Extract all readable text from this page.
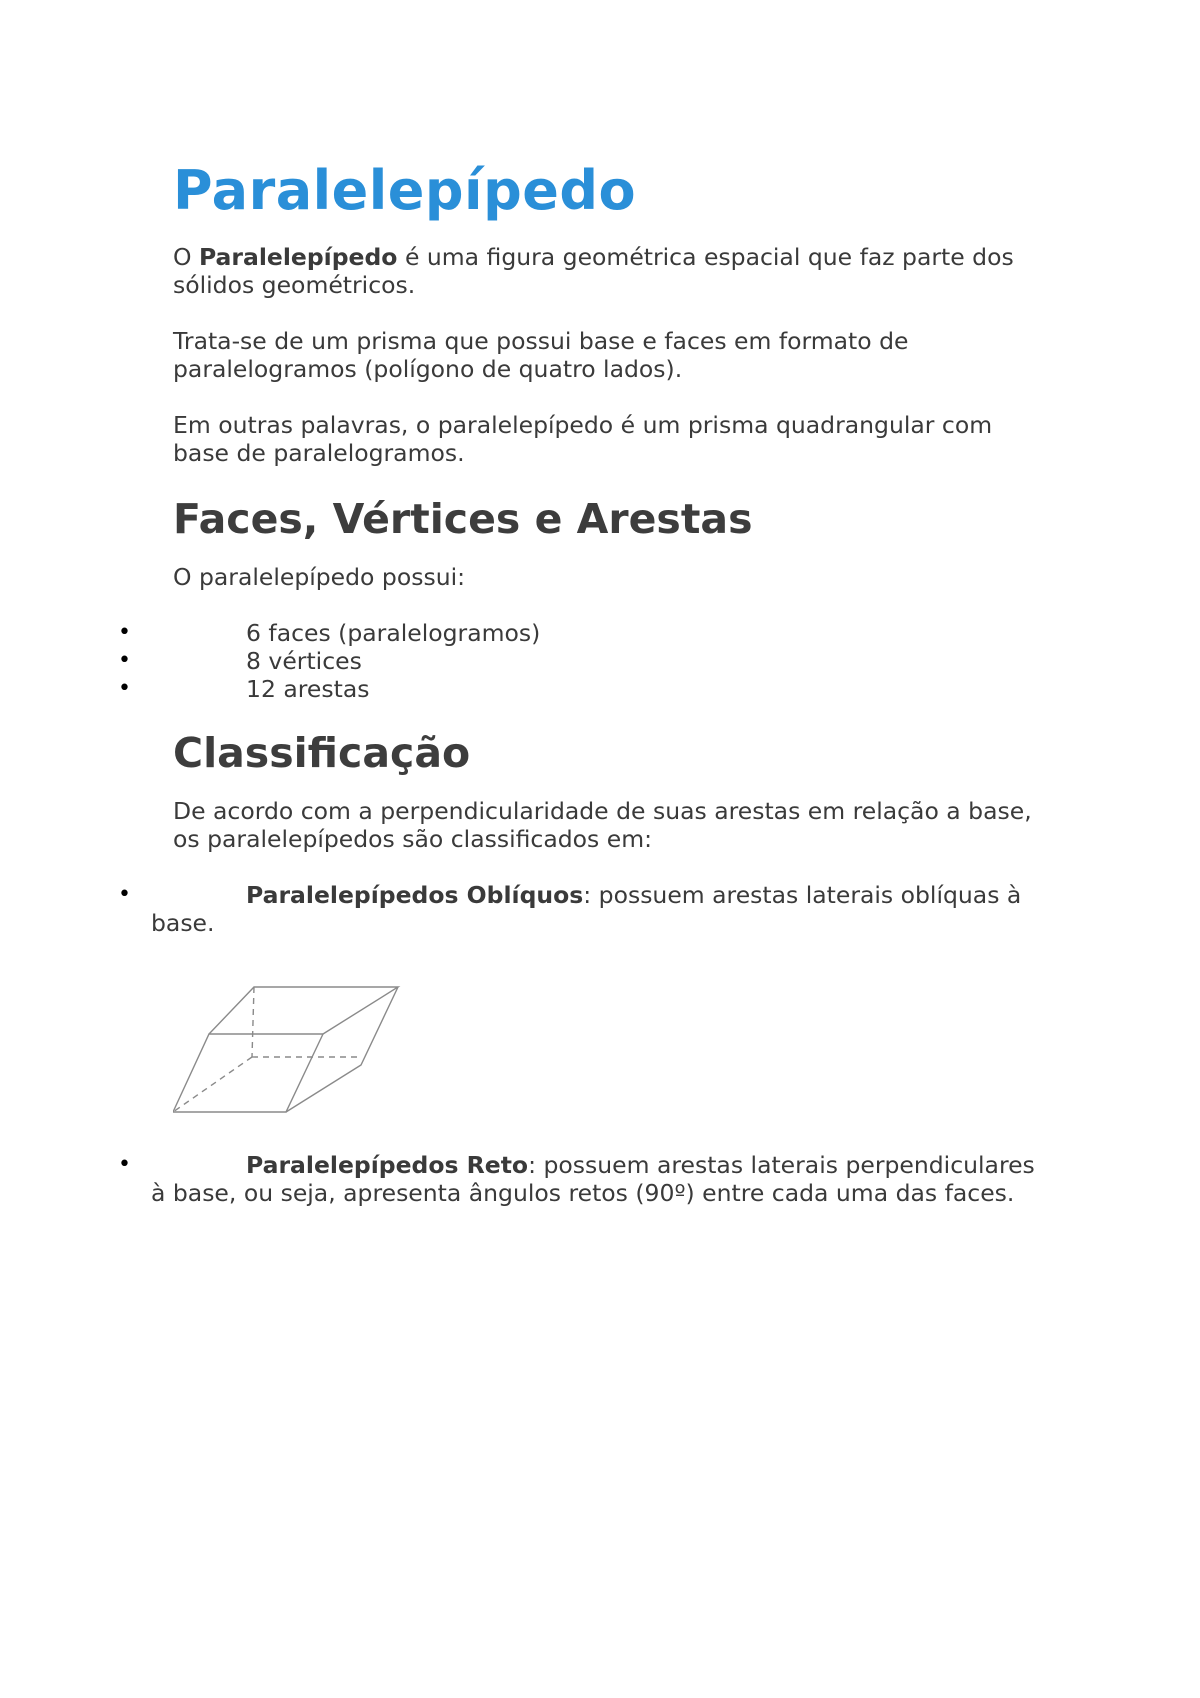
Paralelepípedo

O Paralelepípedo é uma figura geométrica espacial que faz parte dos sólidos geométricos.

Trata-se de um prisma que possui base e faces em formato de paralelogramos (polígono de quatro lados).

Em outras palavras, o paralelepípedo é um prisma quadrangular com base de paralelogramos.

Faces, Vértices e Arestas

O paralelepípedo possui:

•	6 faces (paralelogramos)
•	8 vértices
•	12 arestas
Classificação

De acordo com a perpendicularidade de suas arestas em relação a base, os paralelepípedos são classificados em:

•	Paralelepípedos Oblíquos: possuem arestas laterais oblíquas à base.
•	Paralelepípedos Reto: possuem arestas laterais perpendiculares à base, ou seja, apresenta ângulos retos (90º) entre cada uma das faces.
